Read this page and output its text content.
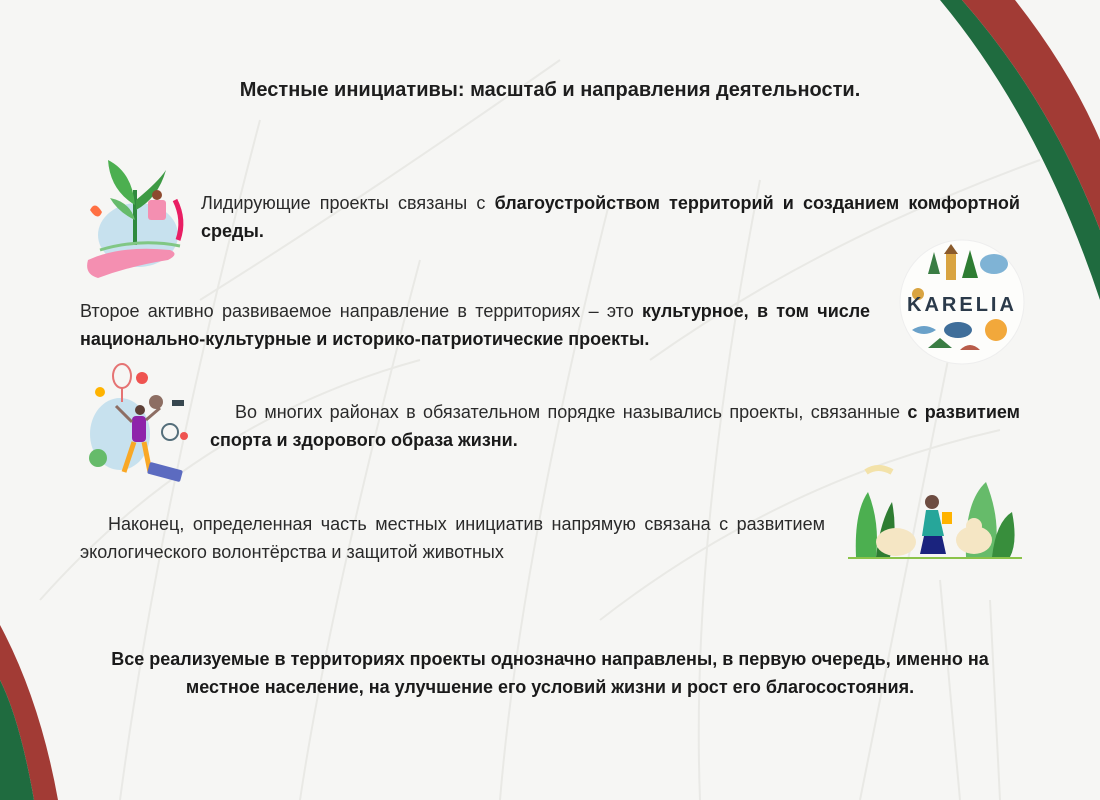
Местные инициативы: масштаб и направления деятельности.
Лидирующие проекты связаны с благоустройством территорий и созданием комфортной среды.
KARELIA
Второе активно развиваемое направление в территориях – это культурное, в том числе национально-культурные и историко-патриотические проекты.
Во многих районах в обязательном порядке назывались проекты, связанные с развитием спорта и здорового образа жизни.
Наконец, определенная часть местных инициатив напрямую связана с развитием экологического волонтёрства и защитой животных
Все реализуемые в территориях проекты однозначно направлены, в первую очередь, именно на местное население, на улучшение его условий жизни и рост его благосостояния.
